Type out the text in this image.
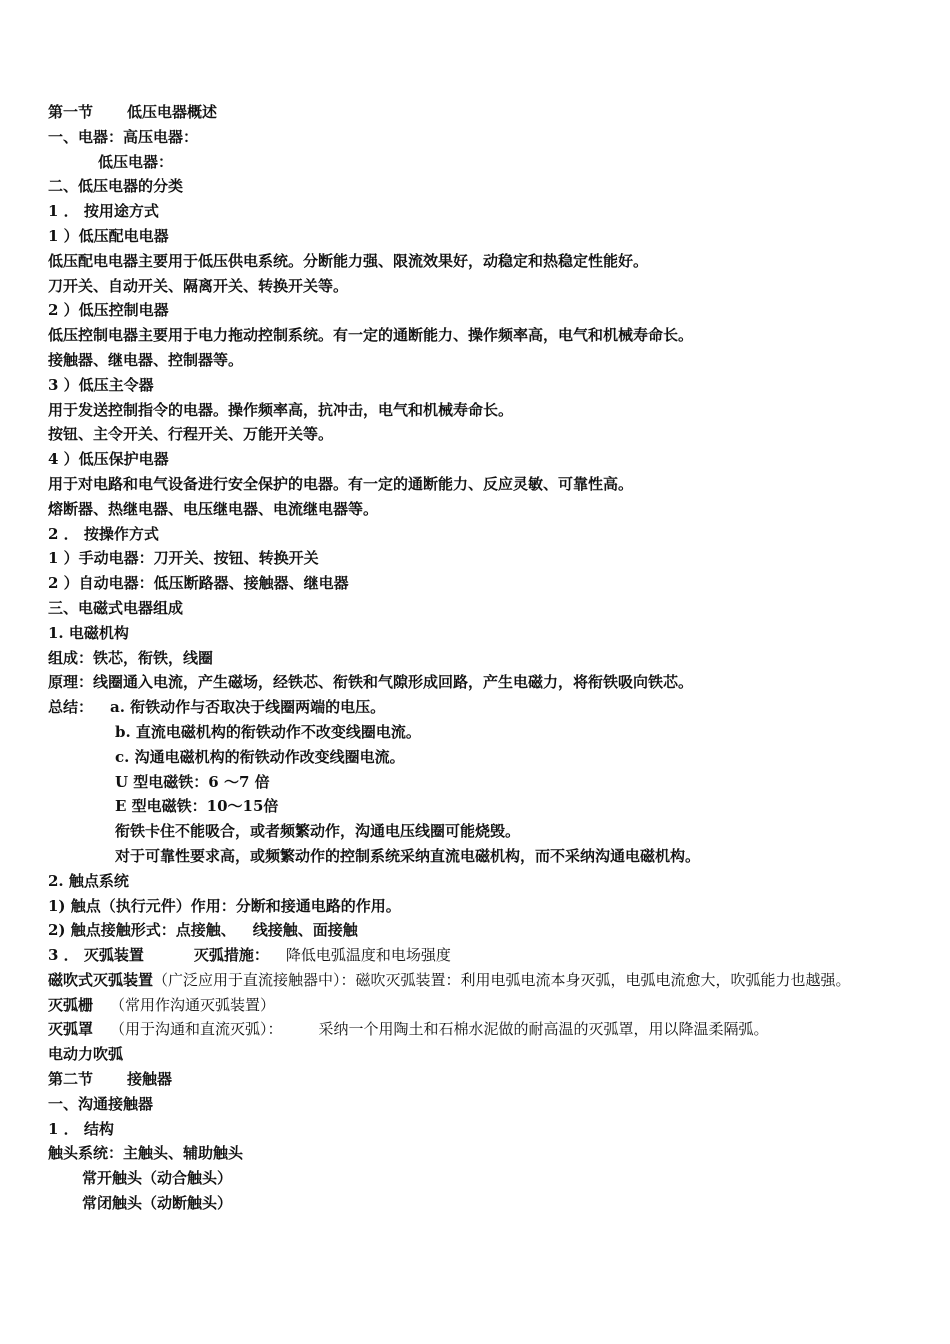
第一节 低压电器概述
一、电器：高压电器：
低压电器：
二、低压电器的分类
1 ． 按用途方式
1 ）低压配电电器
低压配电电器主要用于低压供电系统。分断能力强、限流效果好，动稳定和热稳定性能好。
刀开关、自动开关、隔离开关、转换开关等。
2 ）低压控制电器
低压控制电器主要用于电力拖动控制系统。有一定的通断能力、操作频率高，电气和机械寿命长。
接触器、继电器、控制器等。
3 ）低压主令器
用于发送控制指令的电器。操作频率高，抗冲击，电气和机械寿命长。
按钮、主令开关、行程开关、万能开关等。
4 ）低压保护电器
用于对电路和电气设备进行安全保护的电器。有一定的通断能力、反应灵敏、可靠性高。
熔断器、热继电器、电压继电器、电流继电器等。
2 ． 按操作方式
1 ）手动电器：刀开关、按钮、转换开关
2 ）自动电器：低压断路器、接触器、继电器
三、电磁式电器组成
1. 电磁机构
组成：铁芯，衔铁，线圈
原理：线圈通入电流，产生磁场，经铁芯、衔铁和气隙形成回路，产生电磁力，将衔铁吸向铁芯。
总结： a. 衔铁动作与否取决于线圈两端的电压。
b. 直流电磁机构的衔铁动作不改变线圈电流。
c. 沟通电磁机构的衔铁动作改变线圈电流。
U 型电磁铁：6 ～7 倍
E 型电磁铁：10～15倍
衔铁卡住不能吸合，或者频繁动作，沟通电压线圈可能烧毁。
对于可靠性要求高，或频繁动作的控制系统采纳直流电磁机构，而不采纳沟通电磁机构。
2. 触点系统
1) 触点（执行元件）作用：分断和接通电路的作用。
2) 触点接触形式：点接触、 线接触、面接触
3 ． 灭弧装置	灭弧措施： 降低电弧温度和电场强度
磁吹式灭弧装置（广泛应用于直流接触器中）：磁吹灭弧装置：利用电弧电流本身灭弧，电弧电流愈大，吹弧能力也越强。
灭弧栅 （常用作沟通灭弧装置）
灭弧罩 （用于沟通和直流灭弧）： 采纳一个用陶土和石棉水泥做的耐高温的灭弧罩，用以降温柔隔弧。
电动力吹弧
第二节 接触器
一、沟通接触器
1 ． 结构
触头系统：主触头、辅助触头
常开触头（动合触头）
常闭触头（动断触头）
